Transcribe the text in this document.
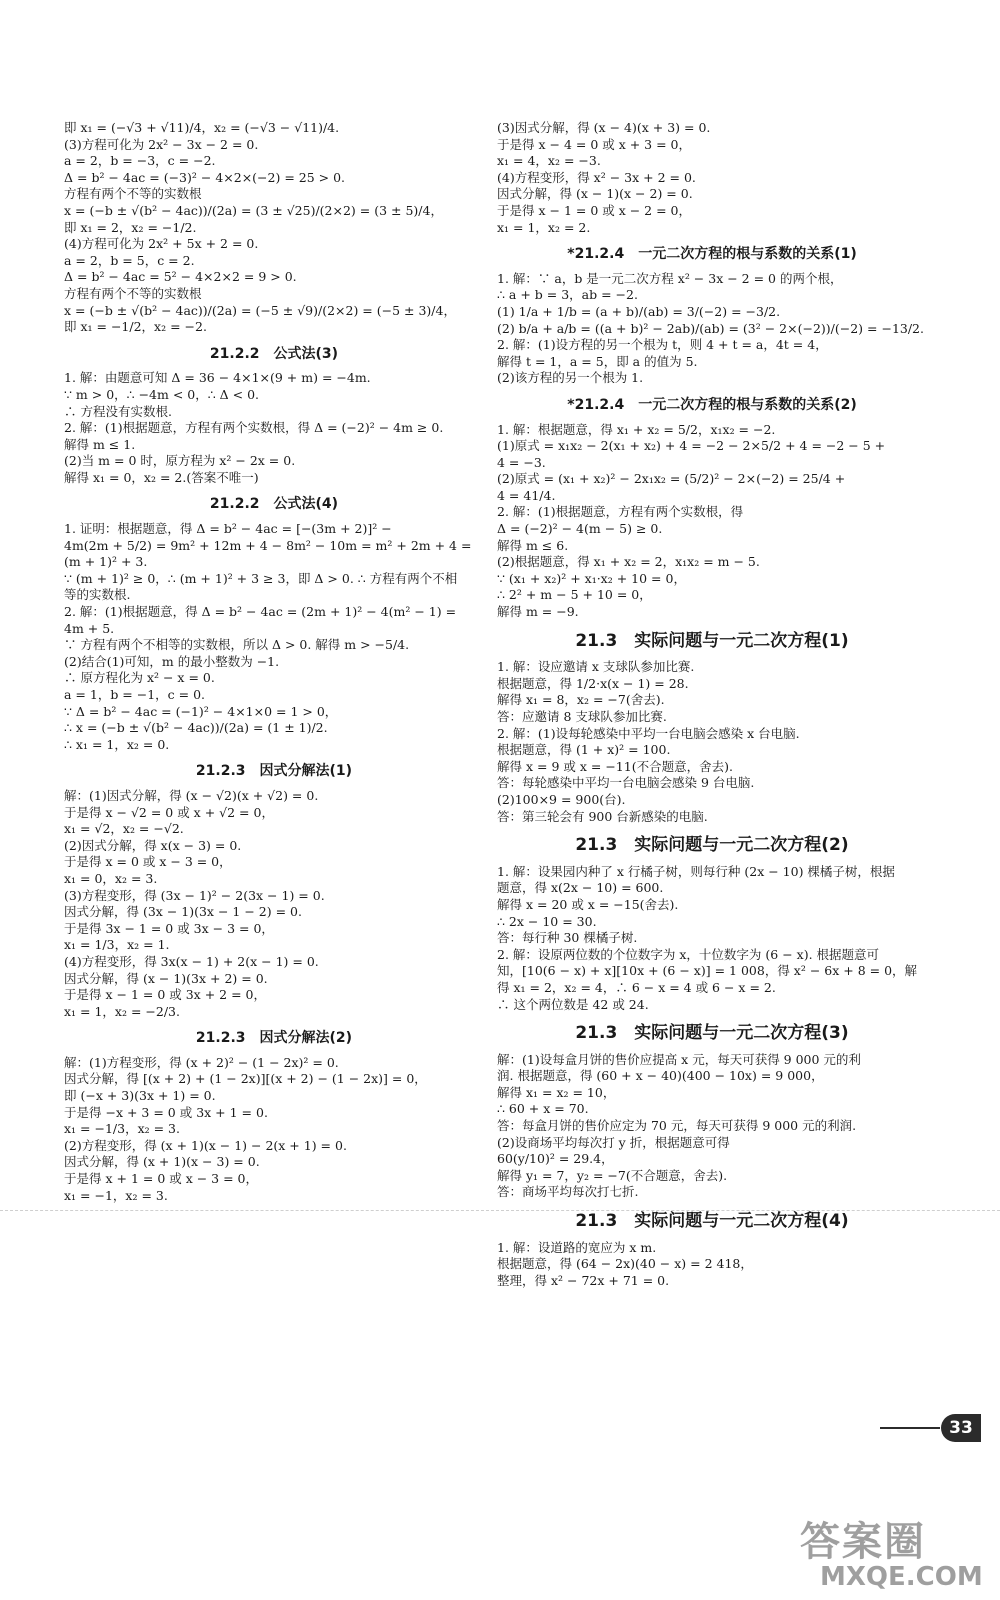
即 x₁ = (−√3 + √11)/4，x₂ = (−√3 − √11)/4.
(3)方程可化为 2x² − 3x − 2 = 0.
a = 2，b = −3，c = −2.
Δ = b² − 4ac = (−3)² − 4×2×(−2) = 25 > 0.
方程有两个不等的实数根
x = (−b ± √(b² − 4ac))/(2a) = (3 ± √25)/(2×2) = (3 ± 5)/4，
即 x₁ = 2，x₂ = −1/2.
(4)方程可化为 2x² + 5x + 2 = 0.
a = 2，b = 5，c = 2.
Δ = b² − 4ac = 5² − 4×2×2 = 9 > 0.
方程有两个不等的实数根
x = (−b ± √(b² − 4ac))/(2a) = (−5 ± √9)/(2×2) = (−5 ± 3)/4，
即 x₁ = −1/2，x₂ = −2.
21.2.2　公式法(3)
1. 解：由题意可知 Δ = 36 − 4×1×(9 + m) = −4m.
∵ m > 0，∴ −4m < 0，∴ Δ < 0.
∴ 方程没有实数根.
2. 解：(1)根据题意，方程有两个实数根，得 Δ = (−2)² − 4m ≥ 0.
解得 m ≤ 1.
(2)当 m = 0 时，原方程为 x² − 2x = 0.
解得 x₁ = 0，x₂ = 2.(答案不唯一)
21.2.2　公式法(4)
1. 证明：根据题意，得 Δ = b² − 4ac = [−(3m + 2)]² −
4m(2m + 5/2) = 9m² + 12m + 4 − 8m² − 10m = m² + 2m + 4 =
(m + 1)² + 3.
∵ (m + 1)² ≥ 0，∴ (m + 1)² + 3 ≥ 3，即 Δ > 0. ∴ 方程有两个不相
等的实数根.
2. 解：(1)根据题意，得 Δ = b² − 4ac = (2m + 1)² − 4(m² − 1) =
4m + 5.
∵ 方程有两个不相等的实数根，所以 Δ > 0. 解得 m > −5/4.
(2)结合(1)可知，m 的最小整数为 −1.
∴ 原方程化为 x² − x = 0.
a = 1，b = −1，c = 0.
∵ Δ = b² − 4ac = (−1)² − 4×1×0 = 1 > 0，
∴ x = (−b ± √(b² − 4ac))/(2a) = (1 ± 1)/2.
∴ x₁ = 1，x₂ = 0.
21.2.3　因式分解法(1)
解：(1)因式分解，得 (x − √2)(x + √2) = 0.
于是得 x − √2 = 0 或 x + √2 = 0，
x₁ = √2，x₂ = −√2.
(2)因式分解，得 x(x − 3) = 0.
于是得 x = 0 或 x − 3 = 0，
x₁ = 0，x₂ = 3.
(3)方程变形，得 (3x − 1)² − 2(3x − 1) = 0.
因式分解，得 (3x − 1)(3x − 1 − 2) = 0.
于是得 3x − 1 = 0 或 3x − 3 = 0，
x₁ = 1/3，x₂ = 1.
(4)方程变形，得 3x(x − 1) + 2(x − 1) = 0.
因式分解，得 (x − 1)(3x + 2) = 0.
于是得 x − 1 = 0 或 3x + 2 = 0，
x₁ = 1，x₂ = −2/3.
21.2.3　因式分解法(2)
解：(1)方程变形，得 (x + 2)² − (1 − 2x)² = 0.
因式分解，得 [(x + 2) + (1 − 2x)][(x + 2) − (1 − 2x)] = 0，
即 (−x + 3)(3x + 1) = 0.
于是得 −x + 3 = 0 或 3x + 1 = 0.
x₁ = −1/3，x₂ = 3.
(2)方程变形，得 (x + 1)(x − 1) − 2(x + 1) = 0.
因式分解，得 (x + 1)(x − 3) = 0.
于是得 x + 1 = 0 或 x − 3 = 0，
x₁ = −1，x₂ = 3.
(3)因式分解，得 (x − 4)(x + 3) = 0.
于是得 x − 4 = 0 或 x + 3 = 0，
x₁ = 4，x₂ = −3.
(4)方程变形，得 x² − 3x + 2 = 0.
因式分解，得 (x − 1)(x − 2) = 0.
于是得 x − 1 = 0 或 x − 2 = 0，
x₁ = 1，x₂ = 2.
*21.2.4　一元二次方程的根与系数的关系(1)
1. 解：∵ a，b 是一元二次方程 x² − 3x − 2 = 0 的两个根，
∴ a + b = 3，ab = −2.
(1) 1/a + 1/b = (a + b)/(ab) = 3/(−2) = −3/2.
(2) b/a + a/b = ((a + b)² − 2ab)/(ab) = (3² − 2×(−2))/(−2) = −13/2.
2. 解：(1)设方程的另一个根为 t，则 4 + t = a，4t = 4，
解得 t = 1，a = 5，即 a 的值为 5.
(2)该方程的另一个根为 1.
*21.2.4　一元二次方程的根与系数的关系(2)
1. 解：根据题意，得 x₁ + x₂ = 5/2，x₁x₂ = −2.
(1)原式 = x₁x₂ − 2(x₁ + x₂) + 4 = −2 − 2×5/2 + 4 = −2 − 5 +
4 = −3.
(2)原式 = (x₁ + x₂)² − 2x₁x₂ = (5/2)² − 2×(−2) = 25/4 +
4 = 41/4.
2. 解：(1)根据题意，方程有两个实数根，得
Δ = (−2)² − 4(m − 5) ≥ 0.
解得 m ≤ 6.
(2)根据题意，得 x₁ + x₂ = 2，x₁x₂ = m − 5.
∵ (x₁ + x₂)² + x₁·x₂ + 10 = 0，
∴ 2² + m − 5 + 10 = 0，
解得 m = −9.
21.3　实际问题与一元二次方程(1)
1. 解：设应邀请 x 支球队参加比赛.
根据题意，得 1/2·x(x − 1) = 28.
解得 x₁ = 8，x₂ = −7(舍去).
答：应邀请 8 支球队参加比赛.
2. 解：(1)设每轮感染中平均一台电脑会感染 x 台电脑.
根据题意，得 (1 + x)² = 100.
解得 x = 9 或 x = −11(不合题意，舍去).
答：每轮感染中平均一台电脑会感染 9 台电脑.
(2)100×9 = 900(台).
答：第三轮会有 900 台新感染的电脑.
21.3　实际问题与一元二次方程(2)
1. 解：设果园内种了 x 行橘子树，则每行种 (2x − 10) 棵橘子树，根据
题意，得 x(2x − 10) = 600.
解得 x = 20 或 x = −15(舍去).
∴ 2x − 10 = 30.
答：每行种 30 棵橘子树.
2. 解：设原两位数的个位数字为 x，十位数字为 (6 − x). 根据题意可
知，[10(6 − x) + x][10x + (6 − x)] = 1 008，得 x² − 6x + 8 = 0，解
得 x₁ = 2，x₂ = 4，∴ 6 − x = 4 或 6 − x = 2.
∴ 这个两位数是 42 或 24.
21.3　实际问题与一元二次方程(3)
解：(1)设每盒月饼的售价应提高 x 元，每天可获得 9 000 元的利
润. 根据题意，得 (60 + x − 40)(400 − 10x) = 9 000，
解得 x₁ = x₂ = 10，
∴ 60 + x = 70.
答：每盒月饼的售价应定为 70 元，每天可获得 9 000 元的利润.
(2)设商场平均每次打 y 折，根据题意可得
60(y/10)² = 29.4，
解得 y₁ = 7，y₂ = −7(不合题意，舍去).
答：商场平均每次打七折.
21.3　实际问题与一元二次方程(4)
1. 解：设道路的宽应为 x m.
根据题意，得 (64 − 2x)(40 − x) = 2 418，
整理，得 x² − 72x + 71 = 0.
33
答案圈
MXQE.COM
